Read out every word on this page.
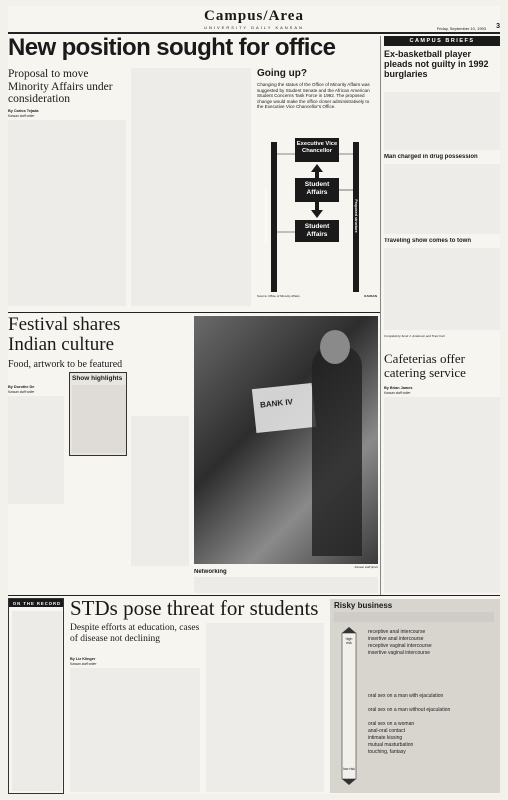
Campus/Area
UNIVERSITY DAILY KANSAN	Friday, September 10, 1993	3
New position sought for office
Proposal to move Minority Affairs under consideration
By Carlos Tejada
Kansan staff writer
Going up?
Changing the status of the Office of Minority Affairs was suggested by Student Senate and the African American Student Concerns Task Force in 1992. The proposed change would make the office closer administratively to the Executive Vice Chancellor's Office.
Executive Vice Chancellor
Student Affairs
Student Affairs
Present organizational structure	Proposed structure
Source: Office of Minority Affairs	KANSAN
CAMPUS BRIEFS
Ex-basketball player pleads not guilty in 1992 burglaries
Man charged in drug possession
Traveling show comes to town
Compiled by Scott J. Anderson and Traci Carl
Festival shares Indian culture
Food, artwork to be featured
By Dorothe De
Kansan staff writer
Show highlights
BANK IV
Kansan staff photo
Networking
Cafeterias offer catering service
By Brian James
Kansan staff writer
ON THE RECORD STDs pose threat for students
Despite efforts at education, cases of disease not declining
By Liz Klinger
Kansan staff writer
Risky business
high risk
low risk
receptive anal intercourse
insertive anal intercourse
receptive vaginal intercourse
insertive vaginal intercourse
oral sex on a man with ejaculation
oral sex on a man without ejaculation
oral sex on a woman
anal-oral contact
intimate kissing
mutual masturbation
touching, fantasy
